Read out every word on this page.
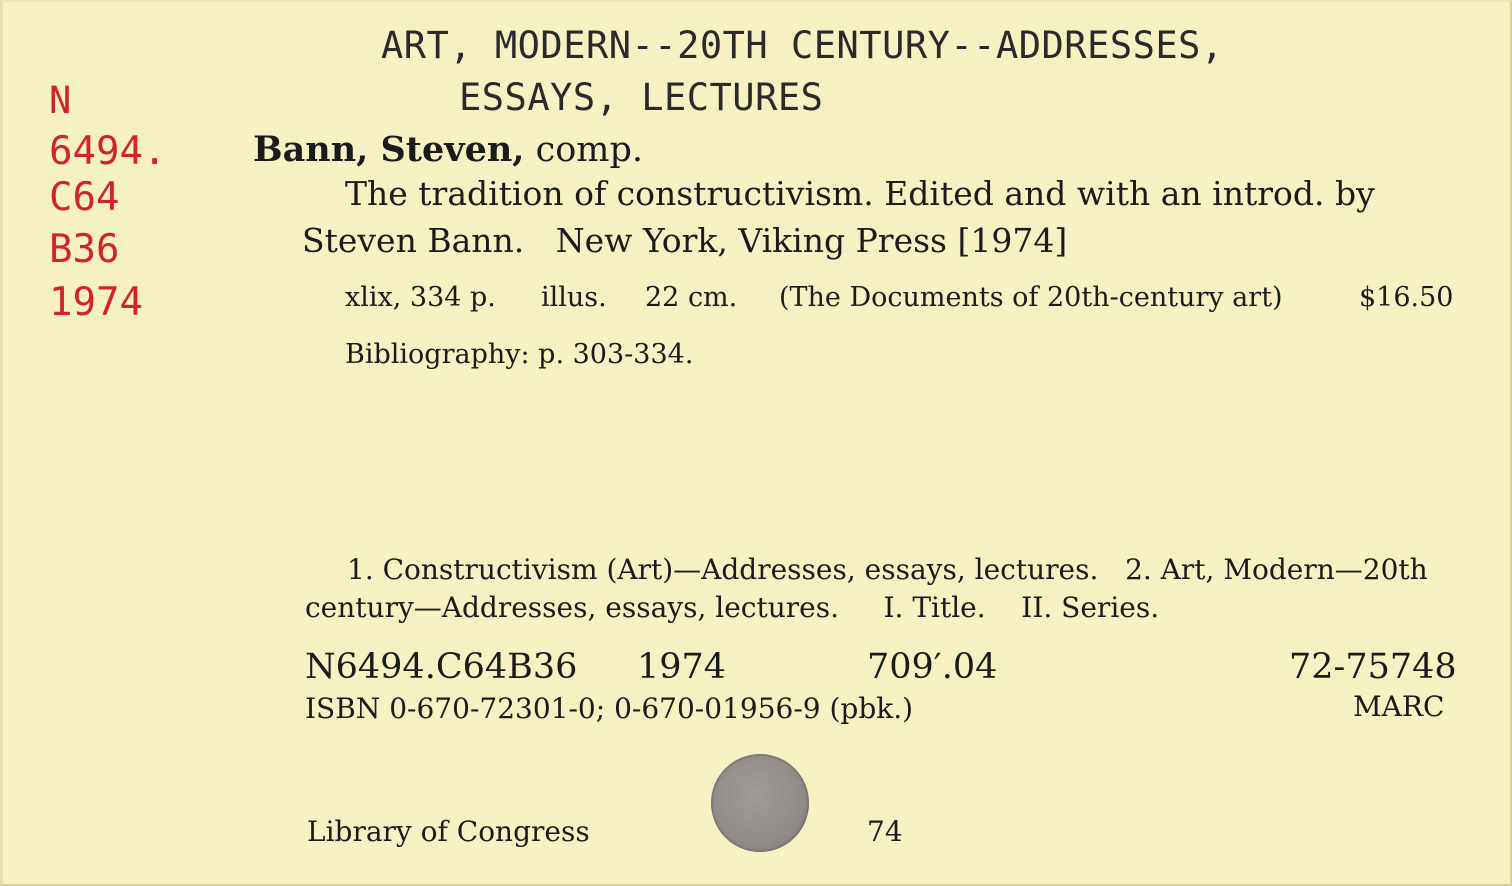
ART, MODERN--20TH CENTURY--ADDRESSES,
ESSAYS, LECTURES
N
6494.
C64
B36
1974
Bann, Steven, comp.
The tradition of constructivism. Edited and with an introd. by
Steven Bann.   New York, Viking Press [1974]
xlix, 334 p. illus. 22 cm. (The Documents of 20th-century art)	$16.50
Bibliography: p. 303-334.
1. Constructivism (Art)—Addresses, essays, lectures.   2. Art, Modern—20th
century—Addresses, essays, lectures.     I. Title.    II. Series.
N6494.C64B36 1974	709′.04	72-75748
ISBN 0-670-72301-0; 0-670-01956-9 (pbk.)	MARC
Library of Congress	74
